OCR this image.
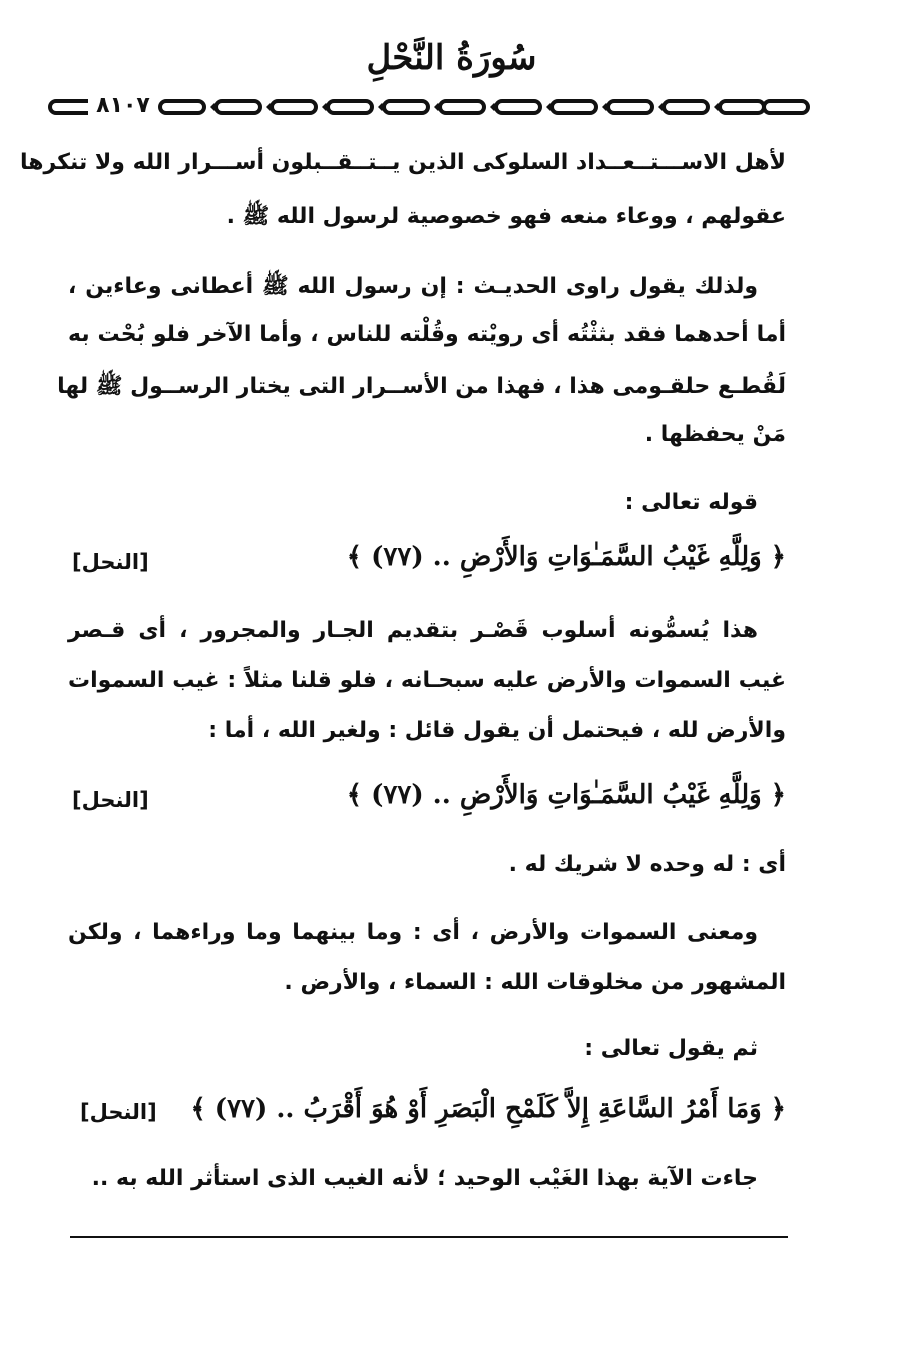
سُورَةُ النَّحْلِ
٨١٠٧
لأهل الاســـتــعــداد السلوكى الذين يــتــقــبلون أســـرار الله ولا تنكرها
عقولهم ، ووعاء منعه فهو خصوصية لرسول الله ﷺ .
ولذلك يقول راوى الحديـث : إن رسول الله ﷺ أعطانى وعاءين ،
أما أحدهما فقد بثثْتُه أى رويْته وقُلْته للناس ، وأما الآخر فلو بُحْت به
لَقُطـع حلقـومى هذا ، فهذا من الأســرار التى يختار الرســول ﷺ لها
مَنْ يحفظها .
قوله تعالى :
﴿ وَلِلَّهِ غَيْبُ السَّمَـٰوَاتِ وَالأَرْضِ .. (٧٧) ﴾
[النحل]
هذا يُسمُّونه أسلوب قَصْـر بتقديم الجـار والمجرور ، أى قـصر
غيب السموات والأرض عليه سبحـانه ، فلو قلنا مثلاً : غيب السموات
والأرض لله ، فيحتمل أن يقول قائل : ولغير الله ، أما :
﴿ وَلِلَّهِ غَيْبُ السَّمَـٰوَاتِ وَالأَرْضِ .. (٧٧) ﴾
[النحل]
أى : له وحده لا شريك له .
ومعنى السموات والأرض ، أى : وما بينهما وما وراءهما ، ولكن
المشهور من مخلوقات الله : السماء ، والأرض .
ثم يقول تعالى :
﴿ وَمَا أَمْرُ السَّاعَةِ إِلاَّ كَلَمْحِ الْبَصَرِ أَوْ هُوَ أَقْرَبُ .. (٧٧) ﴾
[النحل]
جاءت الآية بهذا الغَيْب الوحيد ؛ لأنه الغيب الذى استأثر الله به ..
